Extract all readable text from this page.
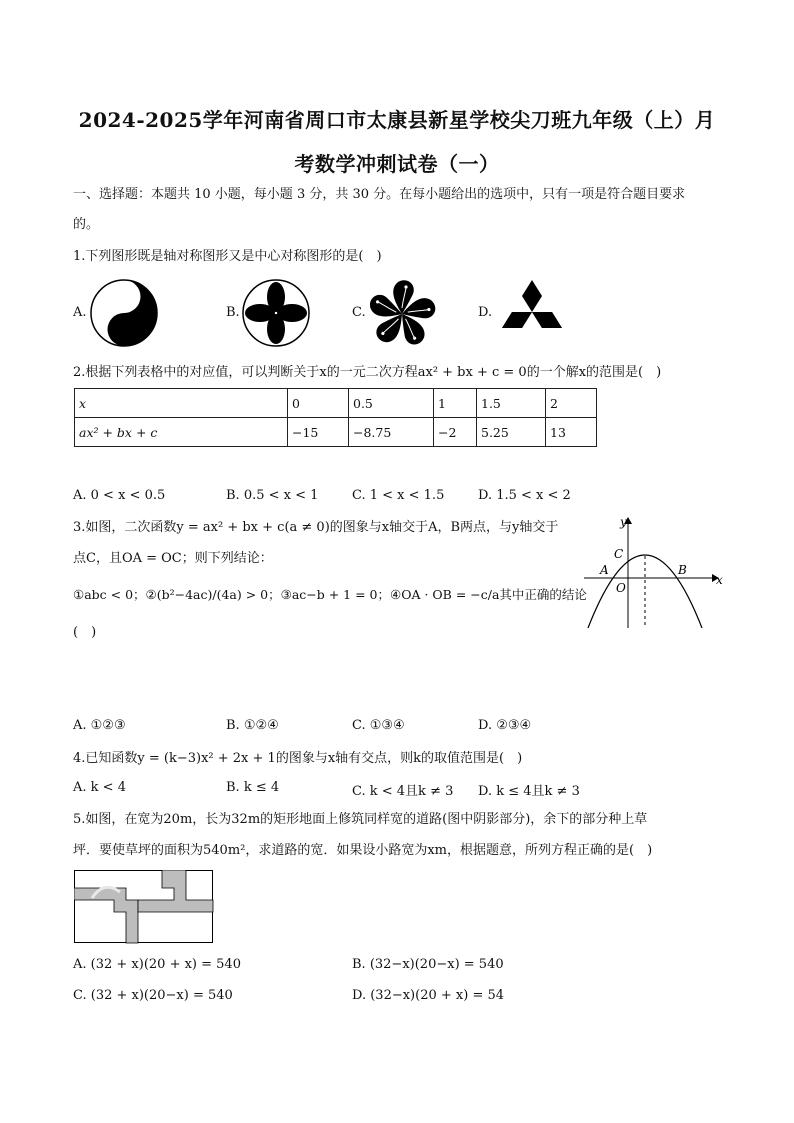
2024-2025学年河南省周口市太康县新星学校尖刀班九年级（上）月
考数学冲刺试卷（一）
一、选择题：本题共 10 小题，每小题 3 分，共 30 分。在每小题给出的选项中，只有一项是符合题目要求
的。
1.下列图形既是轴对称图形又是中心对称图形的是(　)
A.	B.	C.	D.
2.根据下列表格中的对应值，可以判断关于x的一元二次方程ax² + bx + c = 0的一个解x的范围是(　)
x	0	0.5	1	1.5	2
ax² + bx + c	−15	−8.75	−2	5.25	13
A. 0 < x < 0.5	B. 0.5 < x < 1	C. 1 < x < 1.5	D. 1.5 < x < 2
3.如图，二次函数y = ax² + bx + c(a ≠ 0)的图象与x轴交于A，B两点，与y轴交于
点C，且OA = OC；则下列结论：
①abc < 0；②(b²−4ac)/(4a) > 0；③ac−b + 1 = 0；④OA · OB = −c/a其中正确的结论
(　)
y
x
C
A
O
B
A. ①②③	B. ①②④	C. ①③④	D. ②③④
4.已知函数y = (k−3)x² + 2x + 1的图象与x轴有交点，则k的取值范围是(　)
A. k < 4	B. k ≤ 4	C. k < 4且k ≠ 3 D. k ≤ 4且k ≠ 3
5.如图，在宽为20m，长为32m的矩形地面上修筑同样宽的道路(图中阴影部分)，余下的部分种上草
坪．要使草坪的面积为540m²，求道路的宽．如果设小路宽为xm，根据题意，所列方程正确的是(　)
A. (32 + x)(20 + x) = 540	B. (32−x)(20−x) = 540
C. (32 + x)(20−x) = 540	D. (32−x)(20 + x) = 54
